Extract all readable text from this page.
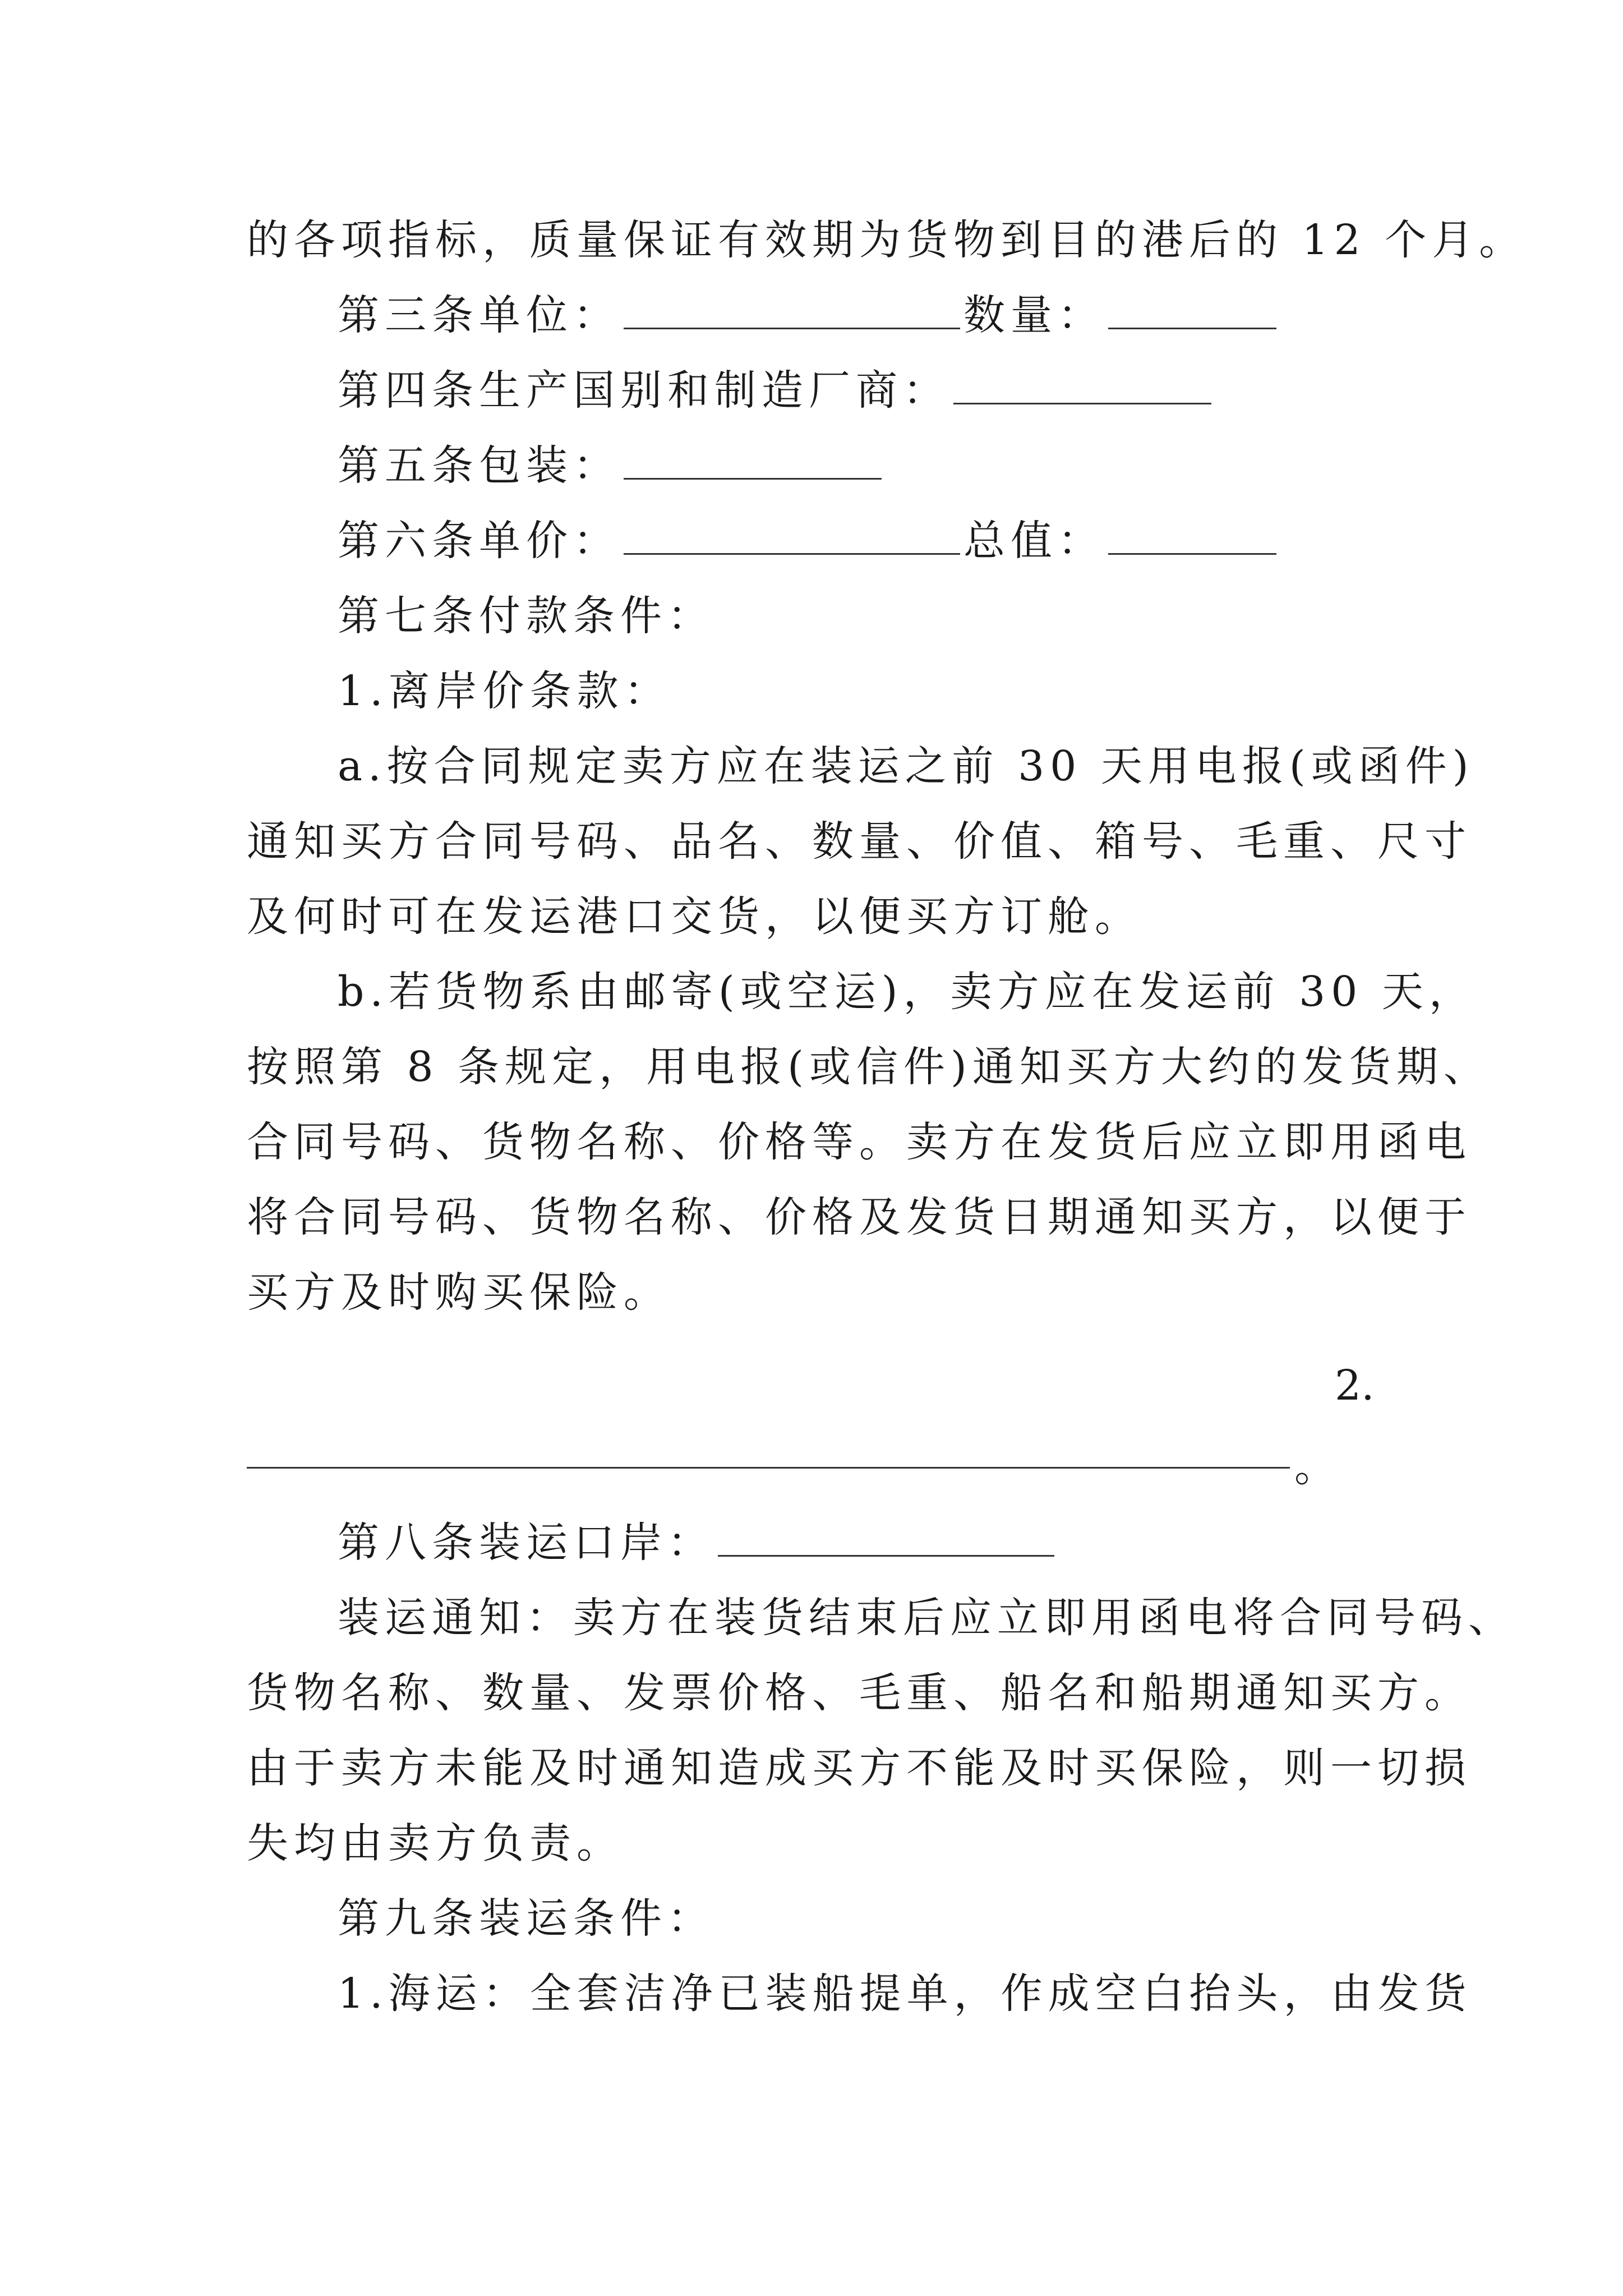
的各项指标，质量保证有效期为货物到目的港后的 12 个月。
第三条单位：	数量：
第四条生产国别和制造厂商：
第五条包装：
第六条单价：	总值：
第七条付款条件：
1.离岸价条款：
a.按合同规定卖方应在装运之前 30 天用电报(或函件)
通知买方合同号码、品名、数量、价值、箱号、毛重、尺寸
及何时可在发运港口交货，以便买方订舱。
b.若货物系由邮寄(或空运)，卖方应在发运前 30 天，
按照第 8 条规定，用电报(或信件)通知买方大约的发货期、
合同号码、货物名称、价格等。卖方在发货后应立即用函电
将合同号码、货物名称、价格及发货日期通知买方，以便于
买方及时购买保险。
2.
。
第八条装运口岸：
装运通知：卖方在装货结束后应立即用函电将合同号码、
货物名称、数量、发票价格、毛重、船名和船期通知买方。
由于卖方未能及时通知造成买方不能及时买保险，则一切损
失均由卖方负责。
第九条装运条件：
1.海运：全套洁净已装船提单，作成空白抬头，由发货
